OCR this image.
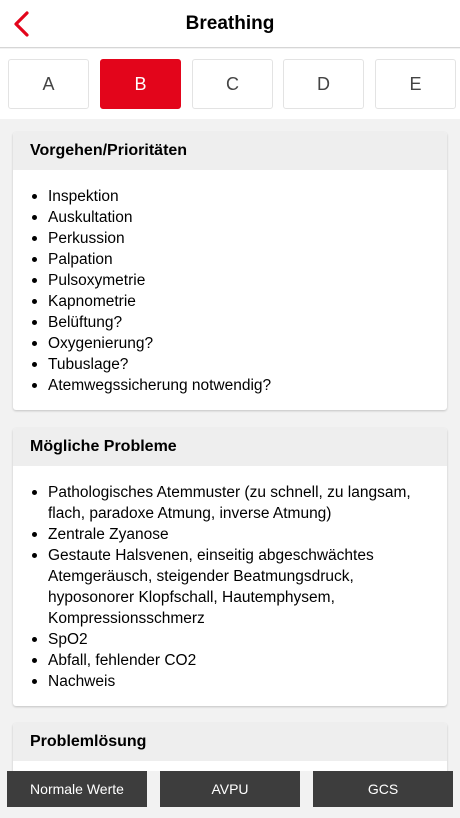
Breathing
A	B	C	D	E
Vorgehen/Prioritäten
Inspektion
Auskultation
Perkussion
Palpation
Pulsoxymetrie
Kapnometrie
Belüftung?
Oxygenierung?
Tubuslage?
Atemwegssicherung notwendig?
Mögliche Probleme
Pathologisches Atemmuster (zu schnell, zu langsam, flach, paradoxe Atmung, inverse Atmung)
Zentrale Zyanose
Gestaute Halsvenen, einseitig abgeschwächtes Atemgeräusch, steigender Beatmungsdruck, hyposonorer Klopfschall, Hautemphysem, Kompressionsschmerz
SpO2
Abfall, fehlender CO2
Nachweis
Problemlösung
Normale Werte	AVPU	GCS
